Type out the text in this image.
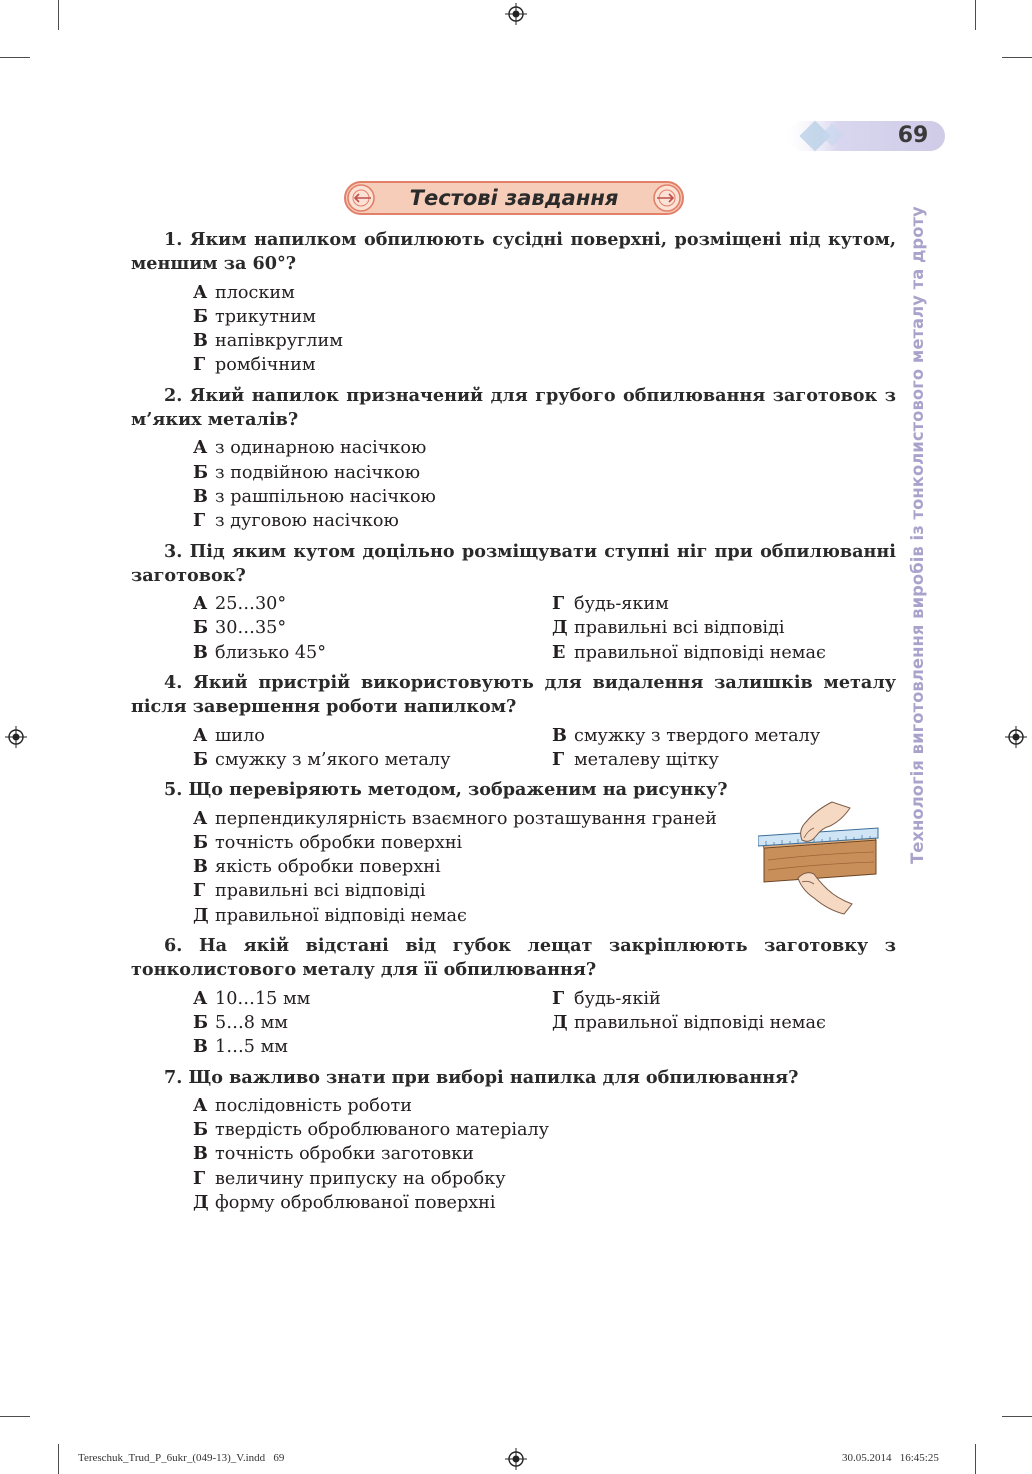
69
Технологія виготовлення виробів із тонколистового металу та дроту
Тестові завдання

1. Яким напилком обпилюють сусідні поверхні, розміщені під кутом, меншим за 60°?

А плоским
Б трикутним
В напівкруглим
Г ромбічним

2. Який напилок призначений для грубого обпилювання заготовок з м’яких металів?

А з одинарною насічкою
Б з подвійною насічкою
В з рашпільною насічкою
Г з дуговою насічкою

3. Під яким кутом доцільно розміщувати ступні ніг при обпилюванні заготовок?

А 25…30°	Г будь-яким
Б 30…35°	Д правильні всі відповіді
В близько 45°	Е правильної відповіді немає

4. Який пристрій використовують для видалення залишків металу після завершення роботи напилком?

А шило	В смужку з твердого металу
Б смужку з м’якого металу	Г металеву щітку

5. Що перевіряють методом, зображеним на рисунку?

А перпендикулярність взаємного розташування граней
Б точність обробки поверхні
В якість обробки поверхні
Г правильні всі відповіді
Д правильної відповіді немає

6. На якій відстані від губок лещат закріплюють заготовку з тонколистового металу для її обпилювання?

А 10…15 мм	Г будь-якій
Б 5…8 мм	Д правильної відповіді немає
В 1…5 мм

7. Що важливо знати при виборі напилка для обпилювання?

А послідовність роботи
Б твердість оброблюваного матеріалу
В точність обробки заготовки
Г величину припуску на обробку
Д форму оброблюваної поверхні
Tereschuk_Trud_P_6ukr_(049-13)_V.indd   69	30.05.2014   16:45:25
